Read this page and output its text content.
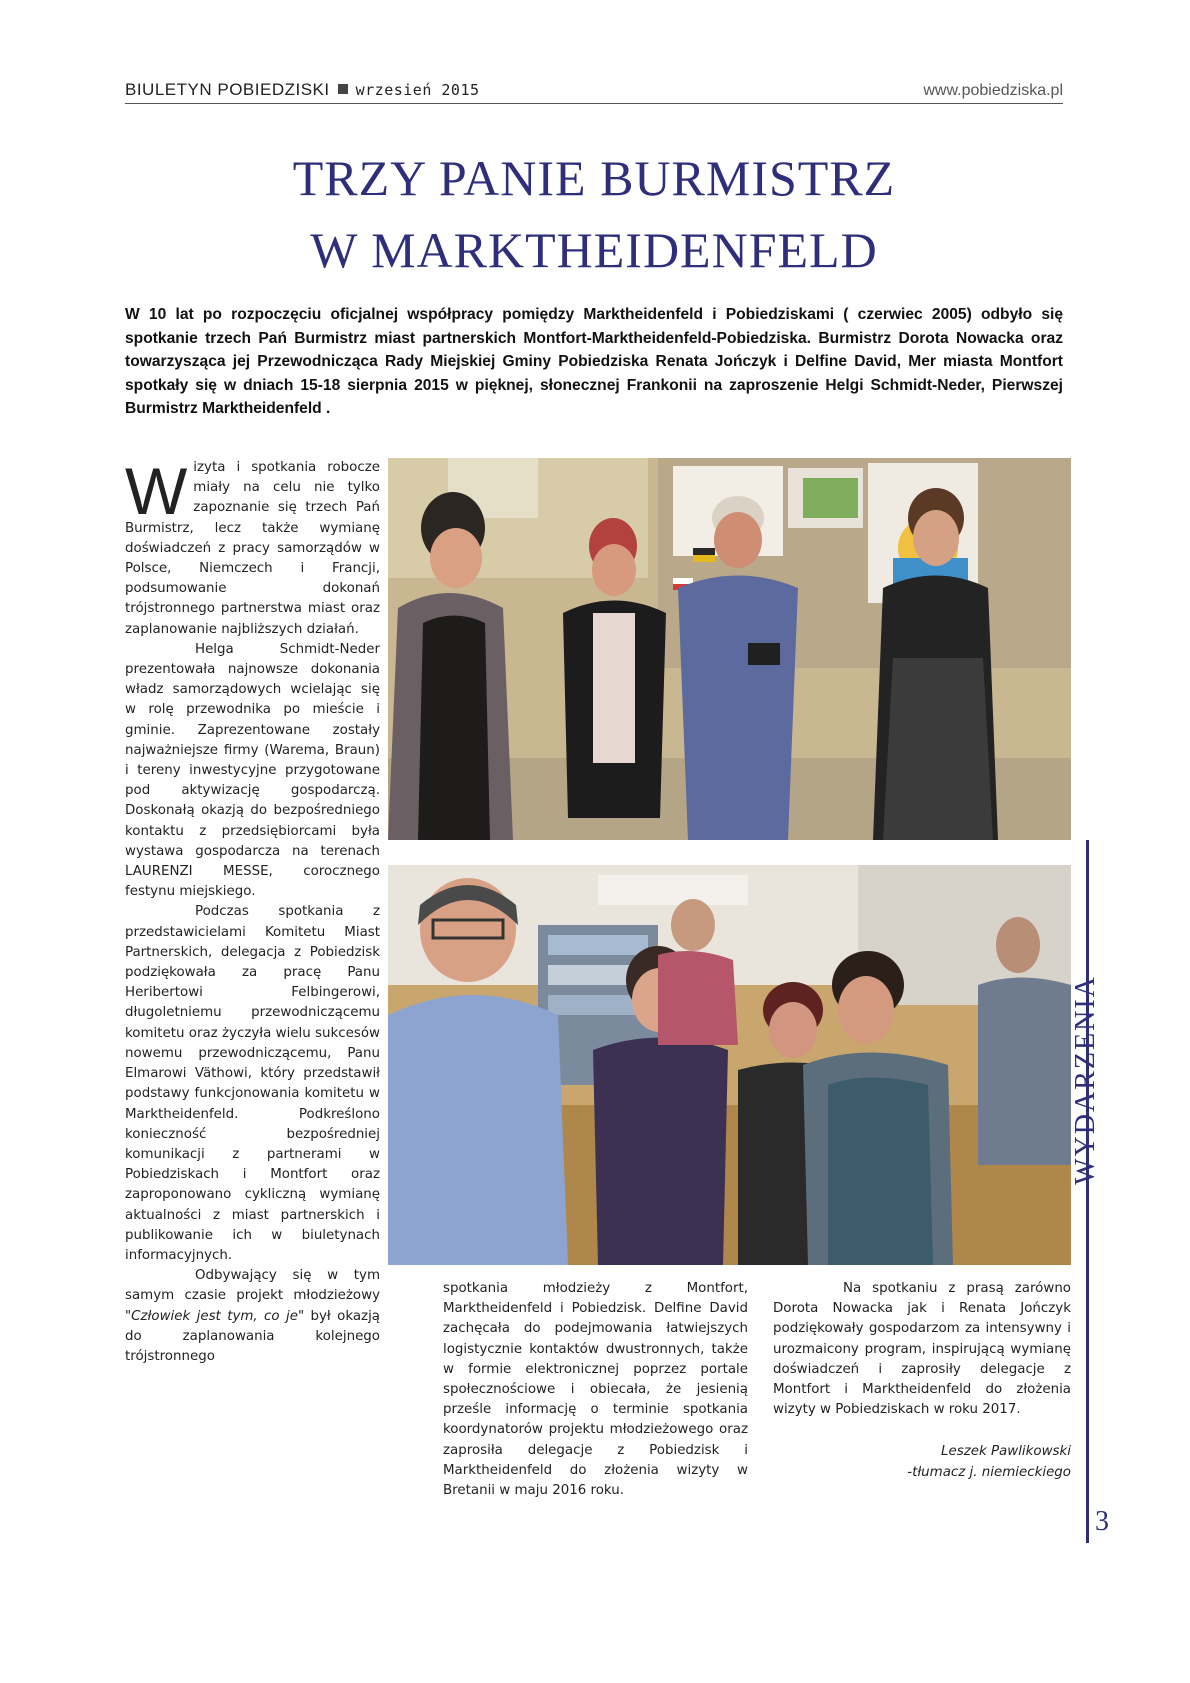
BIULETYN POBIEDZISKI wrzesień 2015	www.pobiedziska.pl
TRZY PANIE BURMISTRZ
W MARKTHEIDENFELD

W 10 lat po rozpoczęciu oficjalnej współpracy pomiędzy Marktheidenfeld i Pobiedziskami ( czerwiec 2005) odbyło się spotkanie trzech Pań Burmistrz miast partnerskich Montfort-Marktheidenfeld-Pobiedziska. Burmistrz Dorota Nowacka oraz towarzysząca jej Przewodnicząca Rady Miejskiej Gminy Pobiedziska Renata Jończyk i Delfine David, Mer miasta Montfort spotkały się w dniach 15-18 sierpnia 2015 w pięknej, słonecznej Frankonii na zaproszenie Helgi Schmidt-Neder, Pierwszej Burmistrz Marktheidenfeld .

Wizyta i spotkania robocze miały na celu nie tylko zapoznanie się trzech Pań Burmistrz, lecz także wymianę doświadczeń z pracy samorządów w Polsce, Niemczech i Francji, podsumowanie dokonań trójstronnego partnerstwa miast oraz zaplanowanie najbliższych działań.

Helga Schmidt-Neder prezentowała najnowsze dokonania władz samorządowych wcielając się w rolę przewodnika po mieście i gminie. Zaprezentowane zostały najważniejsze firmy (Warema, Braun) i tereny inwestycyjne przygotowane pod aktywizację gospodarczą. Doskonałą okazją do bezpośredniego kontaktu z przedsiębiorcami była wystawa gospodarcza na terenach LAURENZI MESSE, corocznego festynu miejskiego.

Podczas spotkania z przedstawicielami Komitetu Miast Partnerskich, delegacja z Pobiedzisk podziękowała za pracę Panu Heribertowi Felbingerowi, długoletniemu przewodniczącemu komitetu oraz życzyła wielu sukcesów nowemu przewodniczącemu, Panu Elmarowi Väthowi, który przedstawił podstawy funkcjonowania komitetu w Marktheidenfeld. Podkreślono konieczność bezpośredniej komunikacji z partnerami w Pobiedziskach i Montfort oraz zaproponowano cykliczną wymianę aktualności z miast partnerskich i publikowanie ich w biuletynach informacyjnych.

Odbywający się w tym samym czasie projekt młodzieżowy "Człowiek jest tym, co je" był okazją do zaplanowania kolejnego trójstronnego

spotkania młodzieży z Montfort, Marktheidenfeld i Pobiedzisk. Delfine David zachęcała do podejmowania łatwiejszych logistycznie kontaktów dwustronnych, także w formie elektronicznej poprzez portale społecznościowe i obiecała, że jesienią prześle informację o terminie spotkania koordynatorów projektu młodzieżowego oraz zaprosiła delegacje z Pobiedzisk i Marktheidenfeld do złożenia wizyty w Bretanii w maju 2016 roku.

Na spotkaniu z prasą zarówno Dorota Nowacka jak i Renata Jończyk podziękowały gospodarzom za intensywny i urozmaicony program, inspirującą wymianę doświadczeń i zaprosiły delegacje z Montfort i Marktheidenfeld do złożenia wizyty w Pobiedziskach w roku 2017.

Leszek Pawlikowski
-tłumacz j. niemieckiego

WYDARZENIA
3
